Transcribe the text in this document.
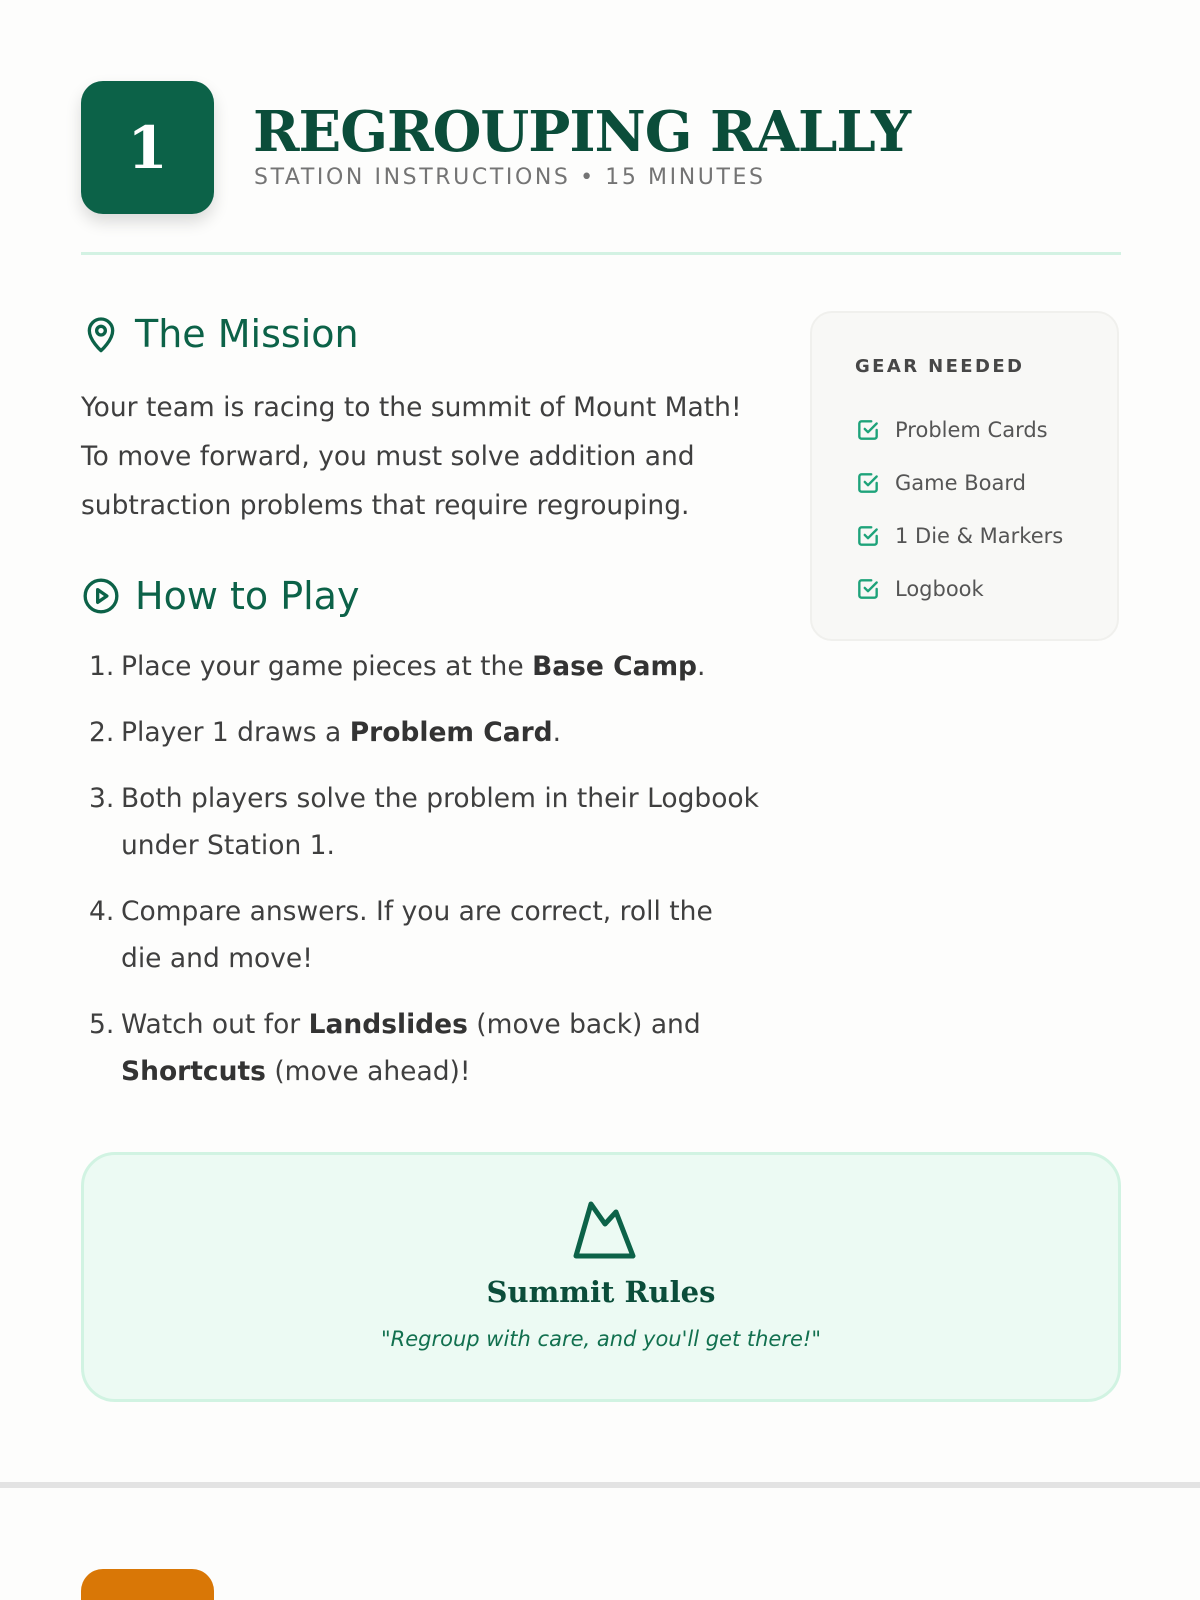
1 REGROUPING RALLY
STATION INSTRUCTIONS • 15 MINUTES
The Mission

Your team is racing to the summit of Mount Math! To move forward, you must solve addition and subtraction problems that require regrouping.

How to Play
1. Place your game pieces at the Base Camp.
2. Player 1 draws a Problem Card.
3. Both players solve the problem in their Logbook under Station 1.
4. Compare answers. If you are correct, roll the die and move!
5. Watch out for Landslides (move back) and Shortcuts (move ahead)!
GEAR NEEDED
Problem Cards
Game Board
1 Die & Markers
Logbook
Summit Rules
"Regroup with care, and you'll get there!"
